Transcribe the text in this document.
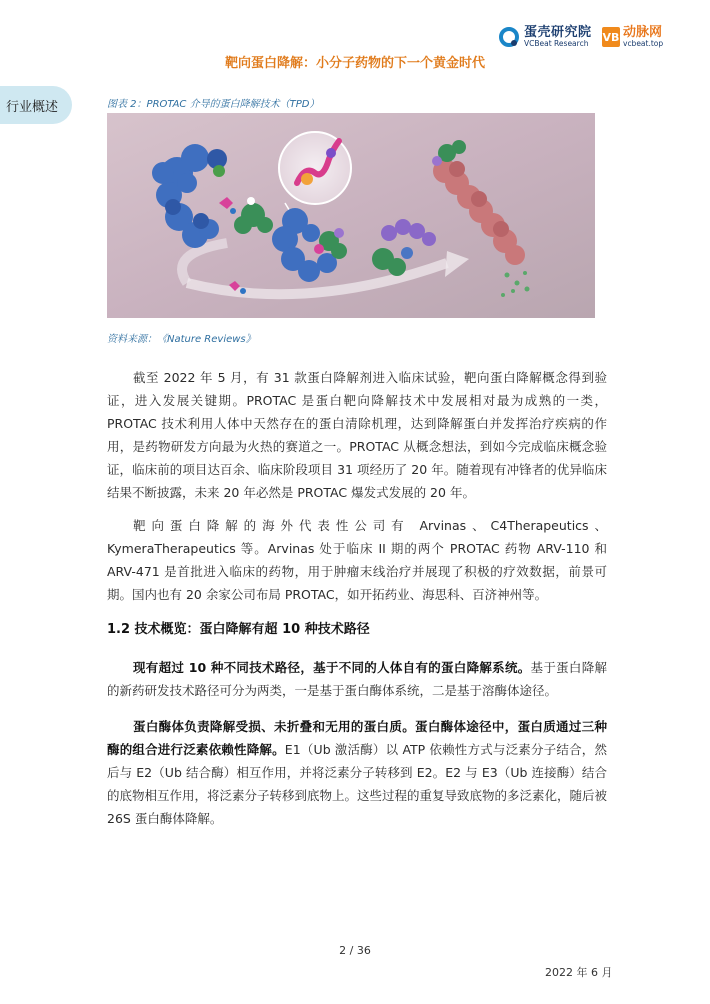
蛋壳研究院
VCBeat Research
VB 动脉网
vcbeat.top
靶向蛋白降解：小分子药物的下一个黄金时代
行业概述	图表 2：PROTAC 介导的蛋白降解技术（TPD）
资料来源：《Nature Reviews》

截至 2022 年 5 月，有 31 款蛋白降解剂进入临床试验，靶向蛋白降解概念得到验证，进入发展关键期。PROTAC 是蛋白靶向降解技术中发展相对最为成熟的一类，PROTAC 技术利用人体中天然存在的蛋白清除机理，达到降解蛋白并发挥治疗疾病的作用，是药物研发方向最为火热的赛道之一。PROTAC 从概念想法，到如今完成临床概念验证，临床前的项目达百余、临床阶段项目 31 项经历了 20 年。随着现有冲锋者的优异临床结果不断披露，未来 20 年必然是 PROTAC 爆发式发展的 20 年。

靶向蛋白降解的海外代表性公司有 Arvinas、C4Therapeutics、KymeraTherapeutics 等。Arvinas 处于临床 II 期的两个 PROTAC 药物 ARV-110 和 ARV-471 是首批进入临床的药物，用于肿瘤末线治疗并展现了积极的疗效数据，前景可期。国内也有 20 余家公司布局 PROTAC，如开拓药业、海思科、百济神州等。

1.2 技术概览：蛋白降解有超 10 种技术路径

现有超过 10 种不同技术路径，基于不同的人体自有的蛋白降解系统。基于蛋白降解的新药研发技术路径可分为两类，一是基于蛋白酶体系统，二是基于溶酶体途径。

蛋白酶体负责降解受损、未折叠和无用的蛋白质。蛋白酶体途径中，蛋白质通过三种酶的组合进行泛素依赖性降解。E1（Ub 激活酶）以 ATP 依赖性方式与泛素分子结合，然后与 E2（Ub 结合酶）相互作用，并将泛素分子转移到 E2。E2 与 E3（Ub 连接酶）结合的底物相互作用，将泛素分子转移到底物上。这些过程的重复导致底物的多泛素化，随后被 26S 蛋白酶体降解。

2 / 36
2022 年 6 月
